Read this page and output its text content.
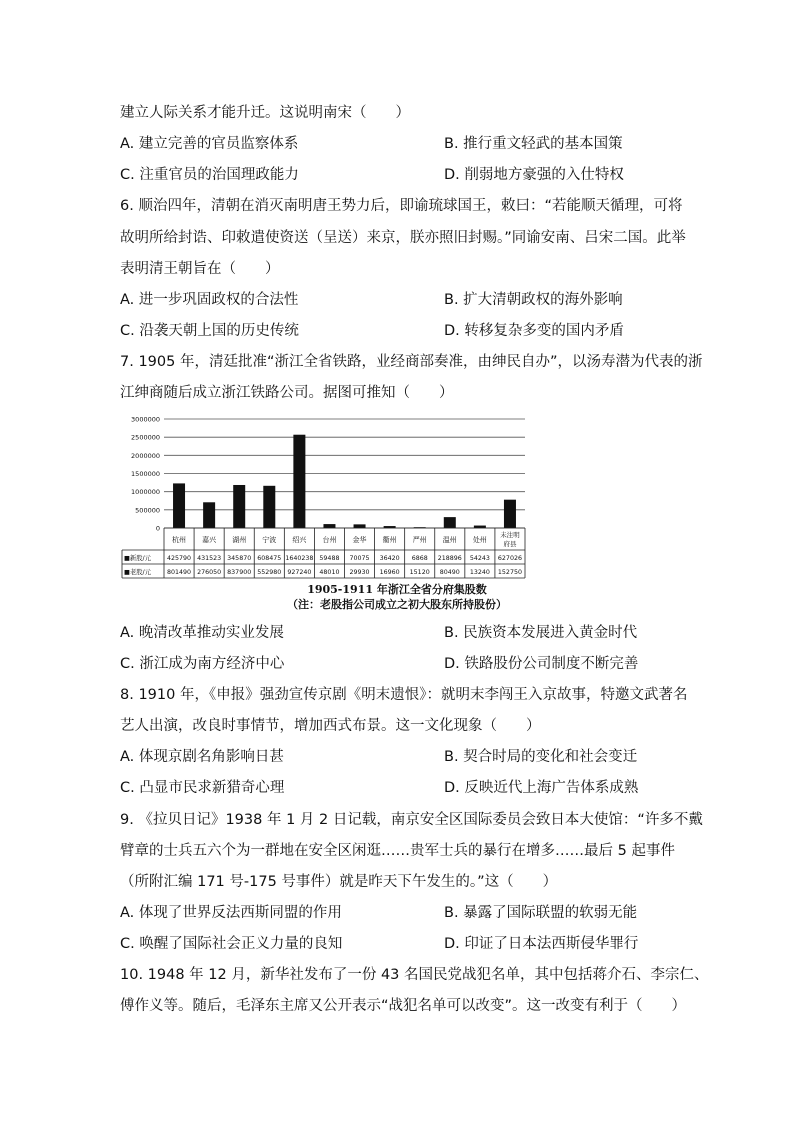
建立人际关系才能升迁。这说明南宋（　　）
A. 建立完善的官员监察体系	B. 推行重文轻武的基本国策
C. 注重官员的治国理政能力	D. 削弱地方豪强的入仕特权
6. 顺治四年，清朝在消灭南明唐王势力后，即谕琉球国王，敕曰：“若能顺天循理，可将
故明所给封诰、印敕遣使资送（呈送）来京，朕亦照旧封赐。”同谕安南、吕宋二国。此举
表明清王朝旨在（　　）
A. 进一步巩固政权的合法性	B. 扩大清朝政权的海外影响
C. 沿袭天朝上国的历史传统	D. 转移复杂多变的国内矛盾
7. 1905 年，清廷批准“浙江全省铁路，业经商部奏准，由绅民自办”，以汤寿潜为代表的浙
江绅商随后成立浙江铁路公司。据图可推知（　　）
0
500000
1000000
1500000
2000000
2500000
3000000
杭州 嘉兴 湖州 宁波 绍兴 台州 金华 衢州 严州 温州 处州
未注明
府县
■新股/元	425790 431523 345870 608475 1640238 59488 70075 36420 6868 218896 54243 627026
■老股/元	801490 276050 837900 552980 927240 48010 29930 16960 15120 80490 13240 152750
1905-1911 年浙江全省分府集股数
（注：老股指公司成立之初大股东所持股份）
A. 晚清改革推动实业发展	B. 民族资本发展进入黄金时代
C. 浙江成为南方经济中心	D. 铁路股份公司制度不断完善
8. 1910 年，《申报》强劲宣传京剧《明末遗恨》：就明末李闯王入京故事，特邀文武著名
艺人出演，改良时事情节，增加西式布景。这一文化现象（　　）
A. 体现京剧名角影响日甚	B. 契合时局的变化和社会变迁
C. 凸显市民求新猎奇心理	D. 反映近代上海广告体系成熟
9. 《拉贝日记》1938 年 1 月 2 日记载，南京安全区国际委员会致日本大使馆：“许多不戴
臂章的士兵五六个为一群地在安全区闲逛……贵军士兵的暴行在增多……最后 5 起事件
（所附汇编 171 号-175 号事件）就是昨天下午发生的。”这（　　）
A. 体现了世界反法西斯同盟的作用	B. 暴露了国际联盟的软弱无能
C. 唤醒了国际社会正义力量的良知	D. 印证了日本法西斯侵华罪行
10. 1948 年 12 月，新华社发布了一份 43 名国民党战犯名单，其中包括蒋介石、李宗仁、
傅作义等。随后，毛泽东主席又公开表示“战犯名单可以改变”。这一改变有利于（　　）
